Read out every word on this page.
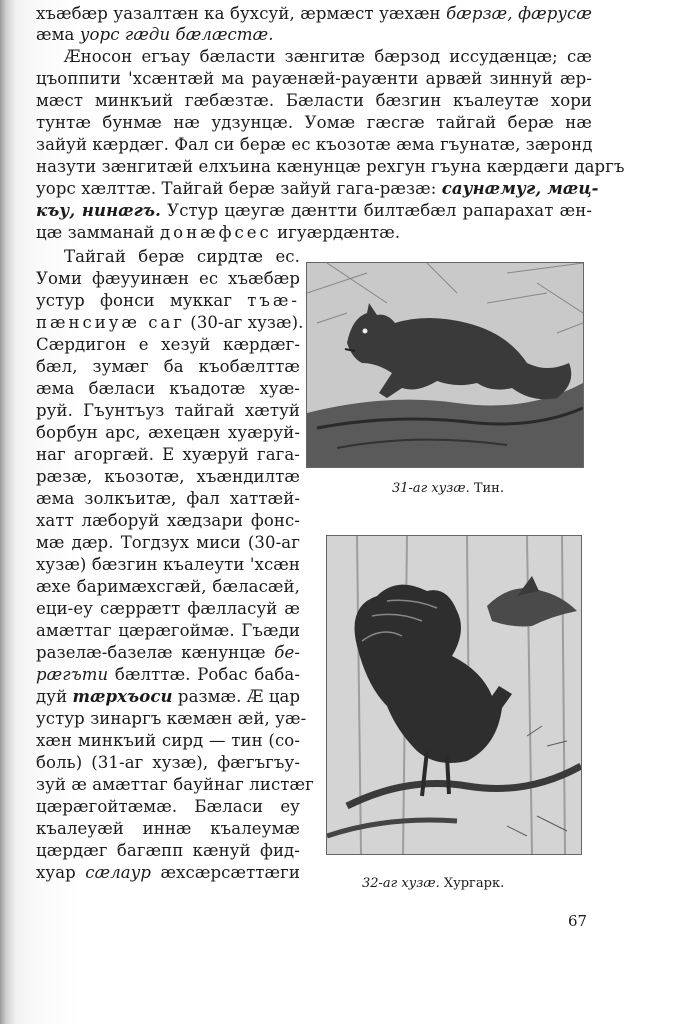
хъæбæр уазалтæн ка бухсуй, æрмæст уæхæн бæрзæ, фæрусæ
æма уорс гæди бæлæстæ.
Æносон егъау бæласти зæнгитæ бæрзод иссудæнцæ; сæ
цъоппити 'хсæнтæй ма рауæнæй-рауæнти арвæй зиннуй æр-
мæст минкъий гæбæзтæ. Бæласти бæзгин къалеутæ хори
тунтæ бунмæ нæ удзунцæ. Уомæ гæсгæ тайгай берæ нæ
зайуй кæрдæг. Фал си берæ ес къозотæ æма гъунатæ, зæронд
назути зæнгитæй елхъина кæнунцæ рехгун гъуна кæрдæги даргъ
уорс хæлттæ. Тайгай берæ зайуй гага-рæзæ: саунæмуг, мæц-
къу, нинæгъ. Устур цæугæ дæнтти билтæбæл рапарахат æн-
цæ замманай донæфсес игуæрдæнтæ.
Тайгай берæ сирдтæ ес.
Уоми фæууинæн ес хъæбæр
устур фонси муккаг тъæ-
пæнсиуæ саг (30-аг хузæ).
Сæрдигон е хезуй кæрдæг-
бæл, зумæг ба къобæлттæ
æма бæласи къадотæ хуæ-
руй. Гъунтъуз тайгай хæтуй
борбун арс, æхецæн хуæруй-
наг агоргæй. Е хуæруй гага-
рæзæ, къозотæ, хъæндилтæ
æма золкъитæ, фал хаттæй-
хатт лæборуй хæдзари фонс-
мæ дæр. Тогдзух миси (30-аг
хузæ) бæзгин къалеути 'хсæн
æхе баримæхсгæй, бæласæй,
еци-еу сæррæтт фæлласуй æ
амæттаг цæрæгоймæ. Гъæди
разелæ-базелæ кæнунцæ бе-
рæгъти бæлттæ. Робас баба-
дуй тæрхъоси размæ. Æ цар
устур зинаргъ кæмæн æй, уæ-
хæн минкъий сирд — тин (со-
боль) (31-аг хузæ), фæгъгъу-
зуй æ амæттаг бауйнаг листæг
цæрæгойтæмæ. Бæласи еу
къалеуæй иннæ къалеумæ
цæрдæг багæпп кæнуй фид-
хуар сæлаур æхсæрсæттæги
31-аг хузæ. Тин.
32-аг хузæ. Хургарк.
67
